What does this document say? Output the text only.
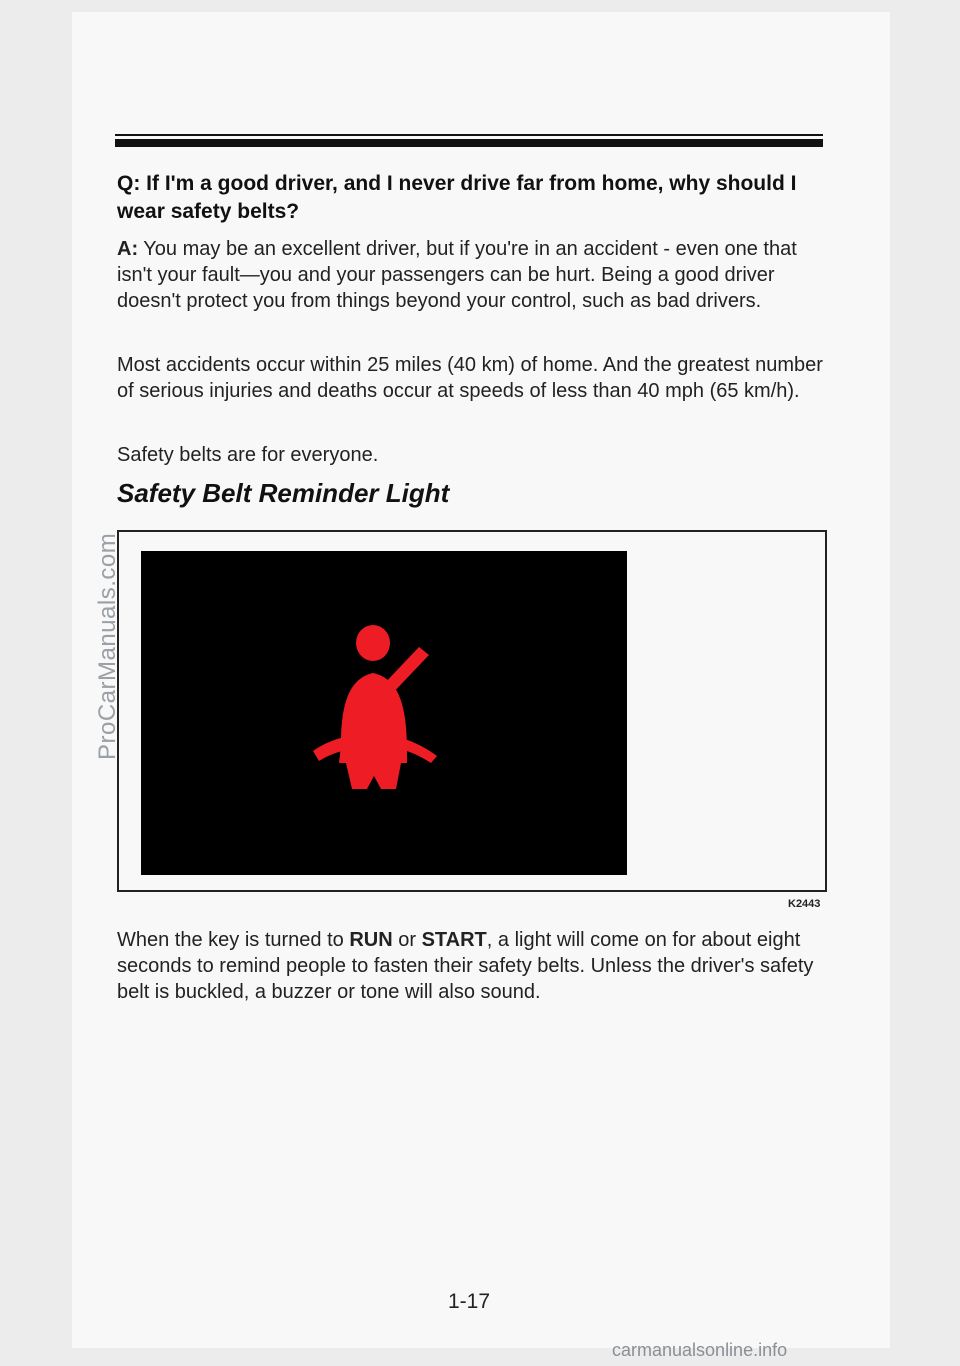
Q: If I'm a good driver, and I never drive far from home, why should I wear safety belts?
A: You may be an excellent driver, but if you're in an accident - even one that isn't your fault—you and your passengers can be hurt. Being a good driver doesn't protect you from things beyond your control, such as bad drivers.
Most accidents occur within 25 miles (40 km) of home. And the greatest number of serious injuries and deaths occur at speeds of less than 40 mph (65 km/h).
Safety belts are for everyone.
Safety Belt Reminder Light
K2443
When the key is turned to RUN or START, a light will come on for about eight seconds to remind people to fasten their safety belts. Unless the driver's safety belt is buckled, a buzzer or tone will also sound.
1-17
ProCarManuals.com
carmanualsonline.info
